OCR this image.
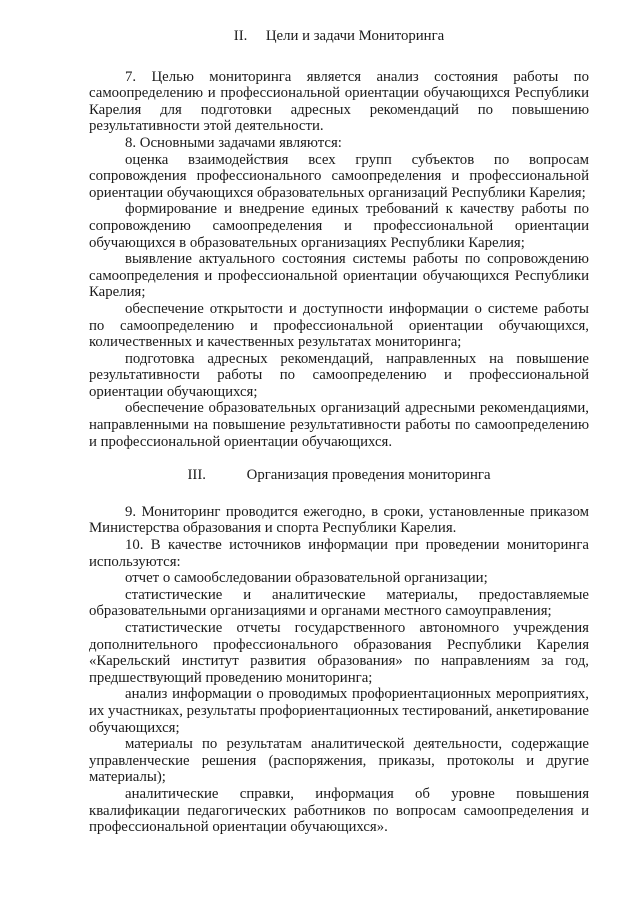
II.     Цели и задачи Мониторинга

7. Целью мониторинга является анализ состояния работы по самоопределению и профессиональной ориентации обучающихся Республики Карелия для подготовки адресных рекомендаций по повышению результативности этой деятельности.

8. Основными задачами являются:

оценка взаимодействия всех групп субъектов по вопросам сопровождения профессионального самоопределения и профессиональной ориентации обучающихся образовательных организаций Республики Карелия;

формирование и внедрение единых требований к качеству работы по сопровождению самоопределения и профессиональной ориентации обучающихся в образовательных организациях Республики Карелия;

выявление актуального состояния системы работы по сопровождению самоопределения и профессиональной ориентации обучающихся Республики Карелия;

обеспечение открытости и доступности информации о системе работы по самоопределению и профессиональной ориентации обучающихся, количественных и качественных результатах мониторинга;

подготовка адресных рекомендаций, направленных на повышение результативности работы по самоопределению и профессиональной ориентации обучающихся;

обеспечение образовательных организаций адресными рекомендациями, направленными на повышение результативности работы по самоопределению и профессиональной ориентации обучающихся.

III.           Организация проведения мониторинга

9. Мониторинг проводится ежегодно, в сроки, установленные приказом Министерства образования и спорта Республики Карелия.

10. В качестве источников информации при проведении мониторинга используются:

отчет о самообследовании образовательной организации;

статистические и аналитические материалы, предоставляемые образовательными организациями и органами местного самоуправления;

статистические отчеты государственного автономного учреждения дополнительного профессионального образования Республики Карелия «Карельский институт развития образования» по направлениям за год, предшествующий проведению мониторинга;

анализ информации о проводимых профориентационных мероприятиях, их участниках, результаты профориентационных тестирований, анкетирование обучающихся;

материалы по результатам аналитической деятельности, содержащие управленческие решения (распоряжения, приказы, протоколы и другие материалы);

аналитические справки, информация об уровне повышения квалификации педагогических работников по вопросам самоопределения и профессиональной ориентации обучающихся».
